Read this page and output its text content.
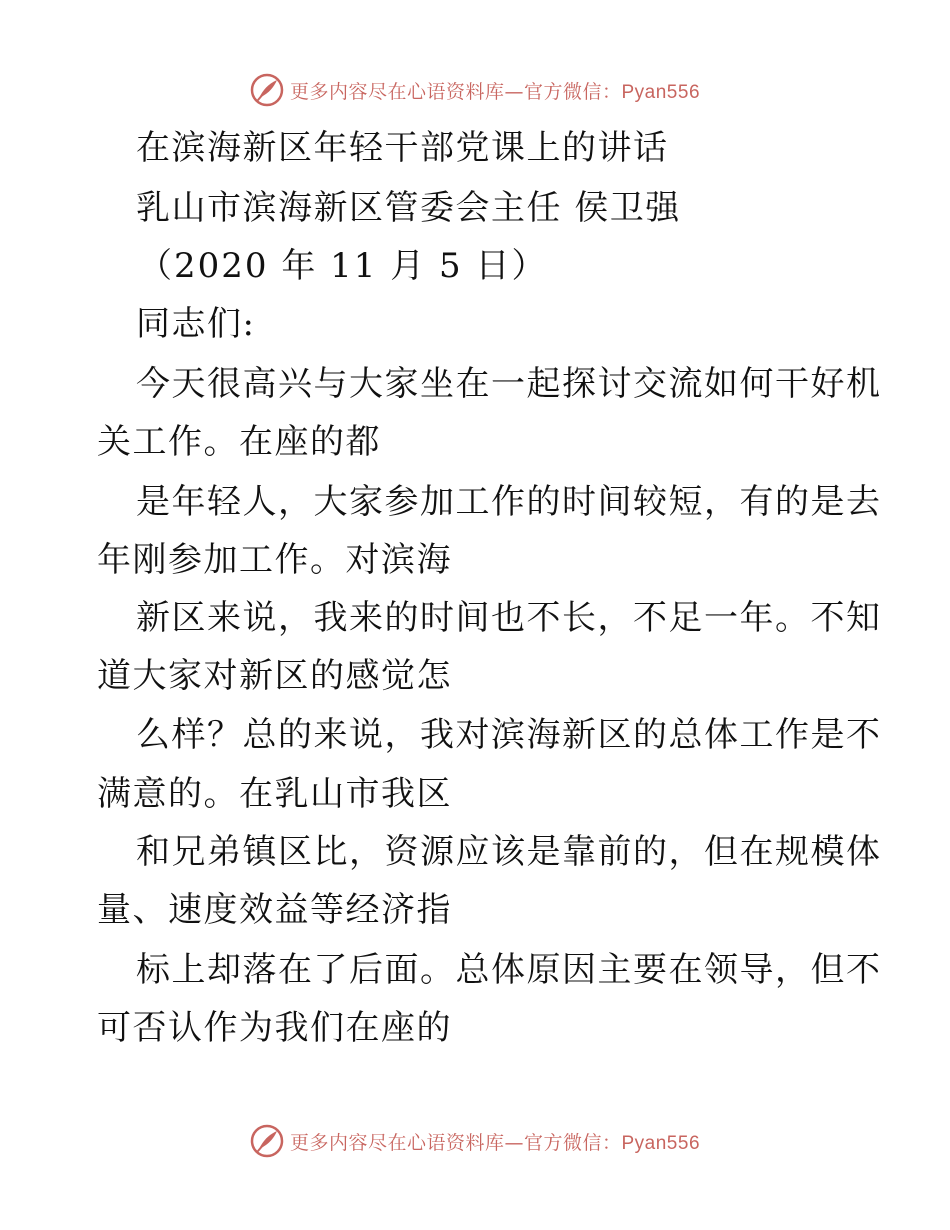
更多内容尽在心语资料库—官方微信：Pyan556
在滨海新区年轻干部党课上的讲话
乳山市滨海新区管委会主任 侯卫强
（2020 年 11 月 5 日）
同志们:
今天很高兴与大家坐在一起探讨交流如何干好机
关工作。在座的都
是年轻人，大家参加工作的时间较短，有的是去
年刚参加工作。对滨海
新区来说，我来的时间也不长，不足一年。不知
道大家对新区的感觉怎
么样？总的来说，我对滨海新区的总体工作是不
满意的。在乳山市我区
和兄弟镇区比，资源应该是靠前的，但在规模体
量、速度效益等经济指
标上却落在了后面。总体原因主要在领导，但不
可否认作为我们在座的
更多内容尽在心语资料库—官方微信：Pyan556
